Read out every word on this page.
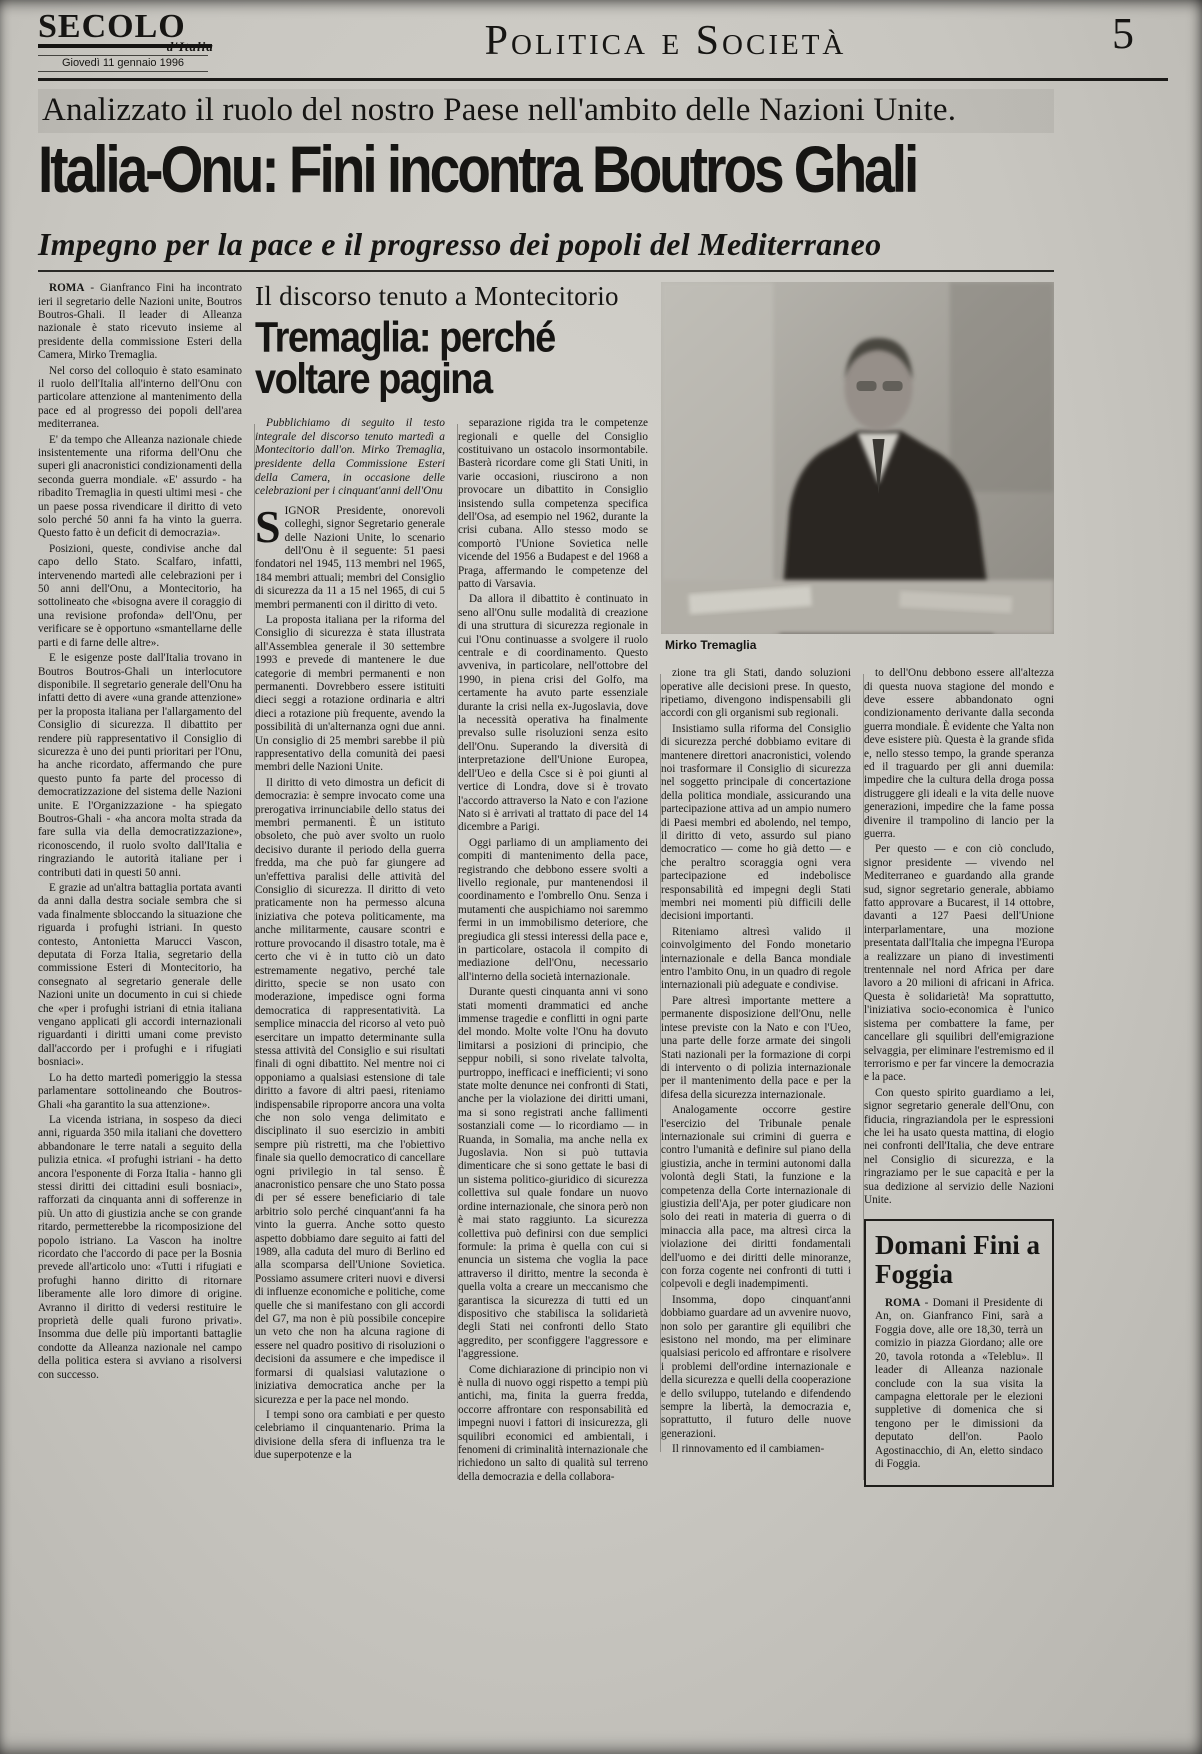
SECOLO
d'Italia
Giovedì 11 gennaio 1996	Politica e Società	5
Analizzato il ruolo del nostro Paese nell'ambito delle Nazioni Unite.
Italia-Onu: Fini incontra Boutros Ghali
Impegno per la pace e il progresso dei popoli del Mediterraneo

ROMA - Gianfranco Fini ha incontrato ieri il segretario delle Nazioni unite, Boutros Boutros-Ghali. Il leader di Alleanza nazionale è stato ricevuto insieme al presidente della commissione Esteri della Camera, Mirko Tremaglia.

Nel corso del colloquio è stato esaminato il ruolo dell'Italia all'interno dell'Onu con particolare attenzione al mantenimento della pace ed al progresso dei popoli dell'area mediterranea.

E' da tempo che Alleanza nazionale chiede insistentemente una riforma dell'Onu che superi gli anacronistici condizionamenti della seconda guerra mondiale. «E' assurdo - ha ribadito Tremaglia in questi ultimi mesi - che un paese possa rivendicare il diritto di veto solo perché 50 anni fa ha vinto la guerra. Questo fatto è un deficit di democrazia».

Posizioni, queste, condivise anche dal capo dello Stato. Scalfaro, infatti, intervenendo martedì alle celebrazioni per i 50 anni dell'Onu, a Montecitorio, ha sottolineato che «bisogna avere il coraggio di una revisione profonda» dell'Onu, per verificare se è opportuno «smantellarne delle parti e di farne delle altre».

E le esigenze poste dall'Italia trovano in Boutros Boutros-Ghali un interlocutore disponibile. Il segretario generale dell'Onu ha infatti detto di avere «una grande attenzione» per la proposta italiana per l'allargamento del Consiglio di sicurezza. Il dibattito per rendere più rappresentativo il Consiglio di sicurezza è uno dei punti prioritari per l'Onu, ha anche ricordato, affermando che pure questo punto fa parte del processo di democratizzazione del sistema delle Nazioni unite. E l'Organizzazione - ha spiegato Boutros-Ghali - «ha ancora molta strada da fare sulla via della democratizzazione», riconoscendo, il ruolo svolto dall'Italia e ringraziando le autorità italiane per i contributi dati in questi 50 anni.

E grazie ad un'altra battaglia portata avanti da anni dalla destra sociale sembra che si vada finalmente sbloccando la situazione che riguarda i profughi istriani. In questo contesto, Antonietta Marucci Vascon, deputata di Forza Italia, segretario della commissione Esteri di Montecitorio, ha consegnato al segretario generale delle Nazioni unite un documento in cui si chiede che «per i profughi istriani di etnia italiana vengano applicati gli accordi internazionali riguardanti i diritti umani come previsto dall'accordo per i profughi e i rifugiati bosniaci».

Lo ha detto martedì pomeriggio la stessa parlamentare sottolineando che Boutros-Ghali «ha garantito la sua attenzione».

La vicenda istriana, in sospeso da dieci anni, riguarda 350 mila italiani che dovettero abbandonare le terre natali a seguito della pulizia etnica. «I profughi istriani - ha detto ancora l'esponente di Forza Italia - hanno gli stessi diritti dei cittadini esuli bosniaci», rafforzati da cinquanta anni di sofferenze in più. Un atto di giustizia anche se con grande ritardo, permetterebbe la ricomposizione del popolo istriano. La Vascon ha inoltre ricordato che l'accordo di pace per la Bosnia prevede all'articolo uno: «Tutti i rifugiati e profughi hanno diritto di ritornare liberamente alle loro dimore di origine. Avranno il diritto di vedersi restituire le proprietà delle quali furono privati». Insomma due delle più importanti battaglie condotte da Alleanza nazionale nel campo della politica estera si avviano a risolversi con successo.

Il discorso tenuto a Montecitorio
Tremaglia: perché voltare pagina
Mirko Tremaglia

Pubblichiamo di seguito il testo integrale del discorso tenuto martedì a Montecitorio dall'on. Mirko Tremaglia, presidente della Commissione Esteri della Camera, in occasione delle celebrazioni per i cinquant'anni dell'Onu

SIGNOR Presidente, onorevoli colleghi, signor Segretario generale delle Nazioni Unite, lo scenario dell'Onu è il seguente: 51 paesi fondatori nel 1945, 113 membri nel 1965, 184 membri attuali; membri del Consiglio di sicurezza da 11 a 15 nel 1965, di cui 5 membri permanenti con il diritto di veto.

La proposta italiana per la riforma del Consiglio di sicurezza è stata illustrata all'Assemblea generale il 30 settembre 1993 e prevede di mantenere le due categorie di membri permanenti e non permanenti. Dovrebbero essere istituiti dieci seggi a rotazione ordinaria e altri dieci a rotazione più frequente, avendo la possibilità di un'alternanza ogni due anni. Un consiglio di 25 membri sarebbe il più rappresentativo della comunità dei paesi membri delle Nazioni Unite.

Il diritto di veto dimostra un deficit di democrazia: è sempre invocato come una prerogativa irrinunciabile dello status dei membri permanenti. È un istituto obsoleto, che può aver svolto un ruolo decisivo durante il periodo della guerra fredda, ma che può far giungere ad un'effettiva paralisi delle attività del Consiglio di sicurezza. Il diritto di veto praticamente non ha permesso alcuna iniziativa che poteva politicamente, ma anche militarmente, causare scontri e rotture provocando il disastro totale, ma è certo che vi è in tutto ciò un dato estremamente negativo, perché tale diritto, specie se non usato con moderazione, impedisce ogni forma democratica di rappresentatività. La semplice minaccia del ricorso al veto può esercitare un impatto determinante sulla stessa attività del Consiglio e sui risultati finali di ogni dibattito. Nel mentre noi ci opponiamo a qualsiasi estensione di tale diritto a favore di altri paesi, riteniamo indispensabile riproporre ancora una volta che non solo venga delimitato e disciplinato il suo esercizio in ambiti sempre più ristretti, ma che l'obiettivo finale sia quello democratico di cancellare ogni privilegio in tal senso. È anacronistico pensare che uno Stato possa di per sé essere beneficiario di tale arbitrio solo perché cinquant'anni fa ha vinto la guerra. Anche sotto questo aspetto dobbiamo dare seguito ai fatti del 1989, alla caduta del muro di Berlino ed alla scomparsa dell'Unione Sovietica. Possiamo assumere criteri nuovi e diversi di influenze economiche e politiche, come quelle che si manifestano con gli accordi del G7, ma non è più possibile concepire un veto che non ha alcuna ragione di essere nel quadro positivo di risoluzioni o decisioni da assumere e che impedisce il formarsi di qualsiasi valutazione o iniziativa democratica anche per la sicurezza e per la pace nel mondo.

I tempi sono ora cambiati e per questo celebriamo il cinquantenario. Prima la divisione della sfera di influenza tra le due superpotenze e la

separazione rigida tra le competenze regionali e quelle del Consiglio costituivano un ostacolo insormontabile. Basterà ricordare come gli Stati Uniti, in varie occasioni, riuscirono a non provocare un dibattito in Consiglio insistendo sulla competenza specifica dell'Osa, ad esempio nel 1962, durante la crisi cubana. Allo stesso modo se comportò l'Unione Sovietica nelle vicende del 1956 a Budapest e del 1968 a Praga, affermando le competenze del patto di Varsavia.

Da allora il dibattito è continuato in seno all'Onu sulle modalità di creazione di una struttura di sicurezza regionale in cui l'Onu continuasse a svolgere il ruolo centrale e di coordinamento. Questo avveniva, in particolare, nell'ottobre del 1990, in piena crisi del Golfo, ma certamente ha avuto parte essenziale durante la crisi nella ex-Jugoslavia, dove la necessità operativa ha finalmente prevalso sulle risoluzioni senza esito dell'Onu. Superando la diversità di interpretazione dell'Unione Europea, dell'Ueo e della Csce si è poi giunti al vertice di Londra, dove si è trovato l'accordo attraverso la Nato e con l'azione Nato si è arrivati al trattato di pace del 14 dicembre a Parigi.

Oggi parliamo di un ampliamento dei compiti di mantenimento della pace, registrando che debbono essere svolti a livello regionale, pur mantenendosi il coordinamento e l'ombrello Onu. Senza i mutamenti che auspichiamo noi saremmo fermi in un immobilismo deteriore, che pregiudica gli stessi interessi della pace e, in particolare, ostacola il compito di mediazione dell'Onu, necessario all'interno della società internazionale.

Durante questi cinquanta anni vi sono stati momenti drammatici ed anche immense tragedie e conflitti in ogni parte del mondo. Molte volte l'Onu ha dovuto limitarsi a posizioni di principio, che seppur nobili, si sono rivelate talvolta, purtroppo, inefficaci e inefficienti; vi sono state molte denunce nei confronti di Stati, anche per la violazione dei diritti umani, ma si sono registrati anche fallimenti sostanziali come — lo ricordiamo — in Ruanda, in Somalia, ma anche nella ex Jugoslavia. Non si può tuttavia dimenticare che si sono gettate le basi di un sistema politico-giuridico di sicurezza collettiva sul quale fondare un nuovo ordine internazionale, che sinora però non è mai stato raggiunto. La sicurezza collettiva può definirsi con due semplici formule: la prima è quella con cui si enuncia un sistema che voglia la pace attraverso il diritto, mentre la seconda è quella volta a creare un meccanismo che garantisca la sicurezza di tutti ed un dispositivo che stabilisca la solidarietà degli Stati nei confronti dello Stato aggredito, per sconfiggere l'aggressore e l'aggressione.

Come dichiarazione di principio non vi è nulla di nuovo oggi rispetto a tempi più antichi, ma, finita la guerra fredda, occorre affrontare con responsabilità ed impegni nuovi i fattori di insicurezza, gli squilibri economici ed ambientali, i fenomeni di criminalità internazionale che richiedono un salto di qualità sul terreno della democrazia e della collabora-

zione tra gli Stati, dando soluzioni operative alle decisioni prese. In questo, ripetiamo, divengono indispensabili gli accordi con gli organismi sub regionali.

Insistiamo sulla riforma del Consiglio di sicurezza perché dobbiamo evitare di mantenere direttori anacronistici, volendo noi trasformare il Consiglio di sicurezza nel soggetto principale di concertazione della politica mondiale, assicurando una partecipazione attiva ad un ampio numero di Paesi membri ed abolendo, nel tempo, il diritto di veto, assurdo sul piano democratico — come ho già detto — e che peraltro scoraggia ogni vera partecipazione ed indebolisce responsabilità ed impegni degli Stati membri nei momenti più difficili delle decisioni importanti.

Riteniamo altresì valido il coinvolgimento del Fondo monetario internazionale e della Banca mondiale entro l'ambito Onu, in un quadro di regole internazionali più adeguate e condivise.

Pare altresì importante mettere a permanente disposizione dell'Onu, nelle intese previste con la Nato e con l'Ueo, una parte delle forze armate dei singoli Stati nazionali per la formazione di corpi di intervento o di polizia internazionale per il mantenimento della pace e per la difesa della sicurezza internazionale.

Analogamente occorre gestire l'esercizio del Tribunale penale internazionale sui crimini di guerra e contro l'umanità e definire sul piano della giustizia, anche in termini autonomi dalla volontà degli Stati, la funzione e la competenza della Corte internazionale di giustizia dell'Aja, per poter giudicare non solo dei reati in materia di guerra o di minaccia alla pace, ma altresì circa la violazione dei diritti fondamentali dell'uomo e dei diritti delle minoranze, con forza cogente nei confronti di tutti i colpevoli e degli inadempimenti.

Insomma, dopo cinquant'anni dobbiamo guardare ad un avvenire nuovo, non solo per garantire gli equilibri che esistono nel mondo, ma per eliminare qualsiasi pericolo ed affrontare e risolvere i problemi dell'ordine internazionale e della sicurezza e quelli della cooperazione e dello sviluppo, tutelando e difendendo sempre la libertà, la democrazia e, soprattutto, il futuro delle nuove generazioni.

Il rinnovamento ed il cambiamen-

to dell'Onu debbono essere all'altezza di questa nuova stagione del mondo e deve essere abbandonato ogni condizionamento derivante dalla seconda guerra mondiale. È evidente che Yalta non deve esistere più. Questa è la grande sfida e, nello stesso tempo, la grande speranza ed il traguardo per gli anni duemila: impedire che la cultura della droga possa distruggere gli ideali e la vita delle nuove generazioni, impedire che la fame possa divenire il trampolino di lancio per la guerra.

Per questo — e con ciò concludo, signor presidente — vivendo nel Mediterraneo e guardando alla grande sud, signor segretario generale, abbiamo fatto approvare a Bucarest, il 14 ottobre, davanti a 127 Paesi dell'Unione interparlamentare, una mozione presentata dall'Italia che impegna l'Europa a realizzare un piano di investimenti trentennale nel nord Africa per dare lavoro a 20 milioni di africani in Africa. Questa è solidarietà! Ma soprattutto, l'iniziativa socio-economica è l'unico sistema per combattere la fame, per cancellare gli squilibri dell'emigrazione selvaggia, per eliminare l'estremismo ed il terrorismo e per far vincere la democrazia e la pace.

Con questo spirito guardiamo a lei, signor segretario generale dell'Onu, con fiducia, ringraziandola per le espressioni che lei ha usato questa mattina, di elogio nei confronti dell'Italia, che deve entrare nel Consiglio di sicurezza, e la ringraziamo per le sue capacità e per la sua dedizione al servizio delle Nazioni Unite.

Domani Fini a Foggia

ROMA - Domani il Presidente di An, on. Gianfranco Fini, sarà a Foggia dove, alle ore 18,30, terrà un comizio in piazza Giordano; alle ore 20, tavola rotonda a «Teleblu». Il leader di Alleanza nazionale conclude con la sua visita la campagna elettorale per le elezioni suppletive di domenica che si tengono per le dimissioni da deputato dell'on. Paolo Agostinacchio, di An, eletto sindaco di Foggia.
